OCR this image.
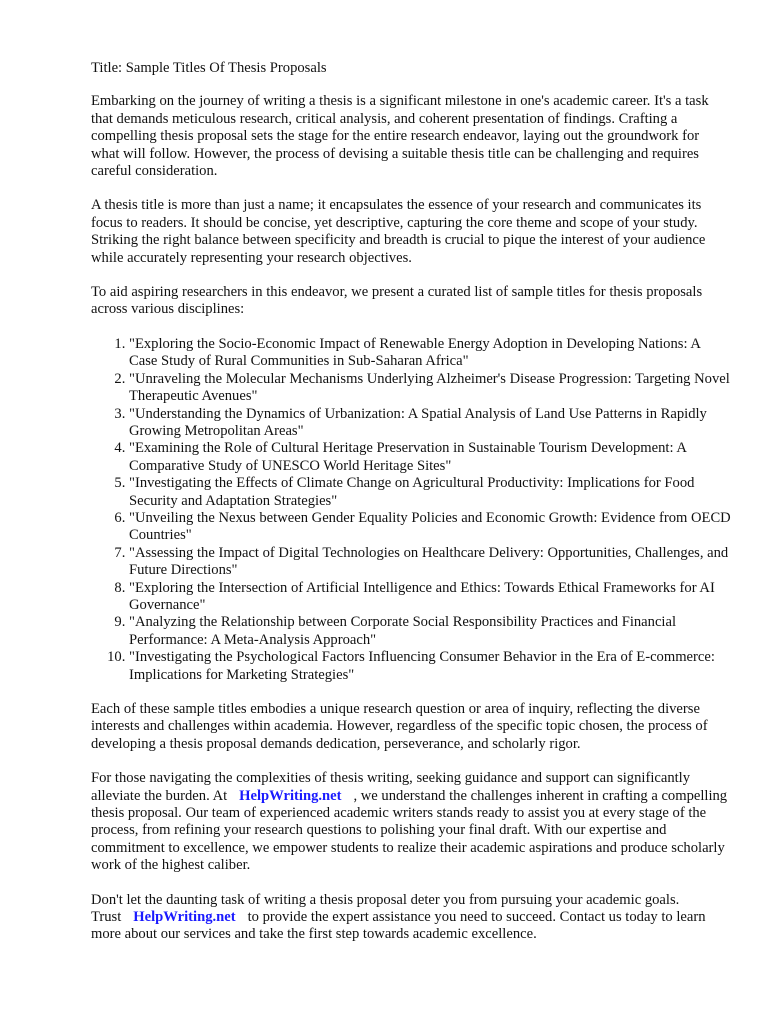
Title: Sample Titles Of Thesis Proposals

Embarking on the journey of writing a thesis is a significant milestone in one's academic career. It's a task that demands meticulous research, critical analysis, and coherent presentation of findings. Crafting a compelling thesis proposal sets the stage for the entire research endeavor, laying out the groundwork for what will follow. However, the process of devising a suitable thesis title can be challenging and requires careful consideration.

A thesis title is more than just a name; it encapsulates the essence of your research and communicates its focus to readers. It should be concise, yet descriptive, capturing the core theme and scope of your study. Striking the right balance between specificity and breadth is crucial to pique the interest of your audience while accurately representing your research objectives.

To aid aspiring researchers in this endeavor, we present a curated list of sample titles for thesis proposals across various disciplines:

1. "Exploring the Socio-Economic Impact of Renewable Energy Adoption in Developing Nations: A Case Study of Rural Communities in Sub-Saharan Africa"
2. "Unraveling the Molecular Mechanisms Underlying Alzheimer's Disease Progression: Targeting Novel Therapeutic Avenues"
3. "Understanding the Dynamics of Urbanization: A Spatial Analysis of Land Use Patterns in Rapidly Growing Metropolitan Areas"
4. "Examining the Role of Cultural Heritage Preservation in Sustainable Tourism Development: A Comparative Study of UNESCO World Heritage Sites"
5. "Investigating the Effects of Climate Change on Agricultural Productivity: Implications for Food Security and Adaptation Strategies"
6. "Unveiling the Nexus between Gender Equality Policies and Economic Growth: Evidence from OECD Countries"
7. "Assessing the Impact of Digital Technologies on Healthcare Delivery: Opportunities, Challenges, and Future Directions"
8. "Exploring the Intersection of Artificial Intelligence and Ethics: Towards Ethical Frameworks for AI Governance"
9. "Analyzing the Relationship between Corporate Social Responsibility Practices and Financial Performance: A Meta-Analysis Approach"
10. "Investigating the Psychological Factors Influencing Consumer Behavior in the Era of E-commerce: Implications for Marketing Strategies"

Each of these sample titles embodies a unique research question or area of inquiry, reflecting the diverse interests and challenges within academia. However, regardless of the specific topic chosen, the process of developing a thesis proposal demands dedication, perseverance, and scholarly rigor.

For those navigating the complexities of thesis writing, seeking guidance and support can significantly alleviate the burden. At HelpWriting.net , we understand the challenges inherent in crafting a compelling thesis proposal. Our team of experienced academic writers stands ready to assist you at every stage of the process, from refining your research questions to polishing your final draft. With our expertise and commitment to excellence, we empower students to realize their academic aspirations and produce scholarly work of the highest caliber.

Don't let the daunting task of writing a thesis proposal deter you from pursuing your academic goals. Trust HelpWriting.net to provide the expert assistance you need to succeed. Contact us today to learn more about our services and take the first step towards academic excellence.
